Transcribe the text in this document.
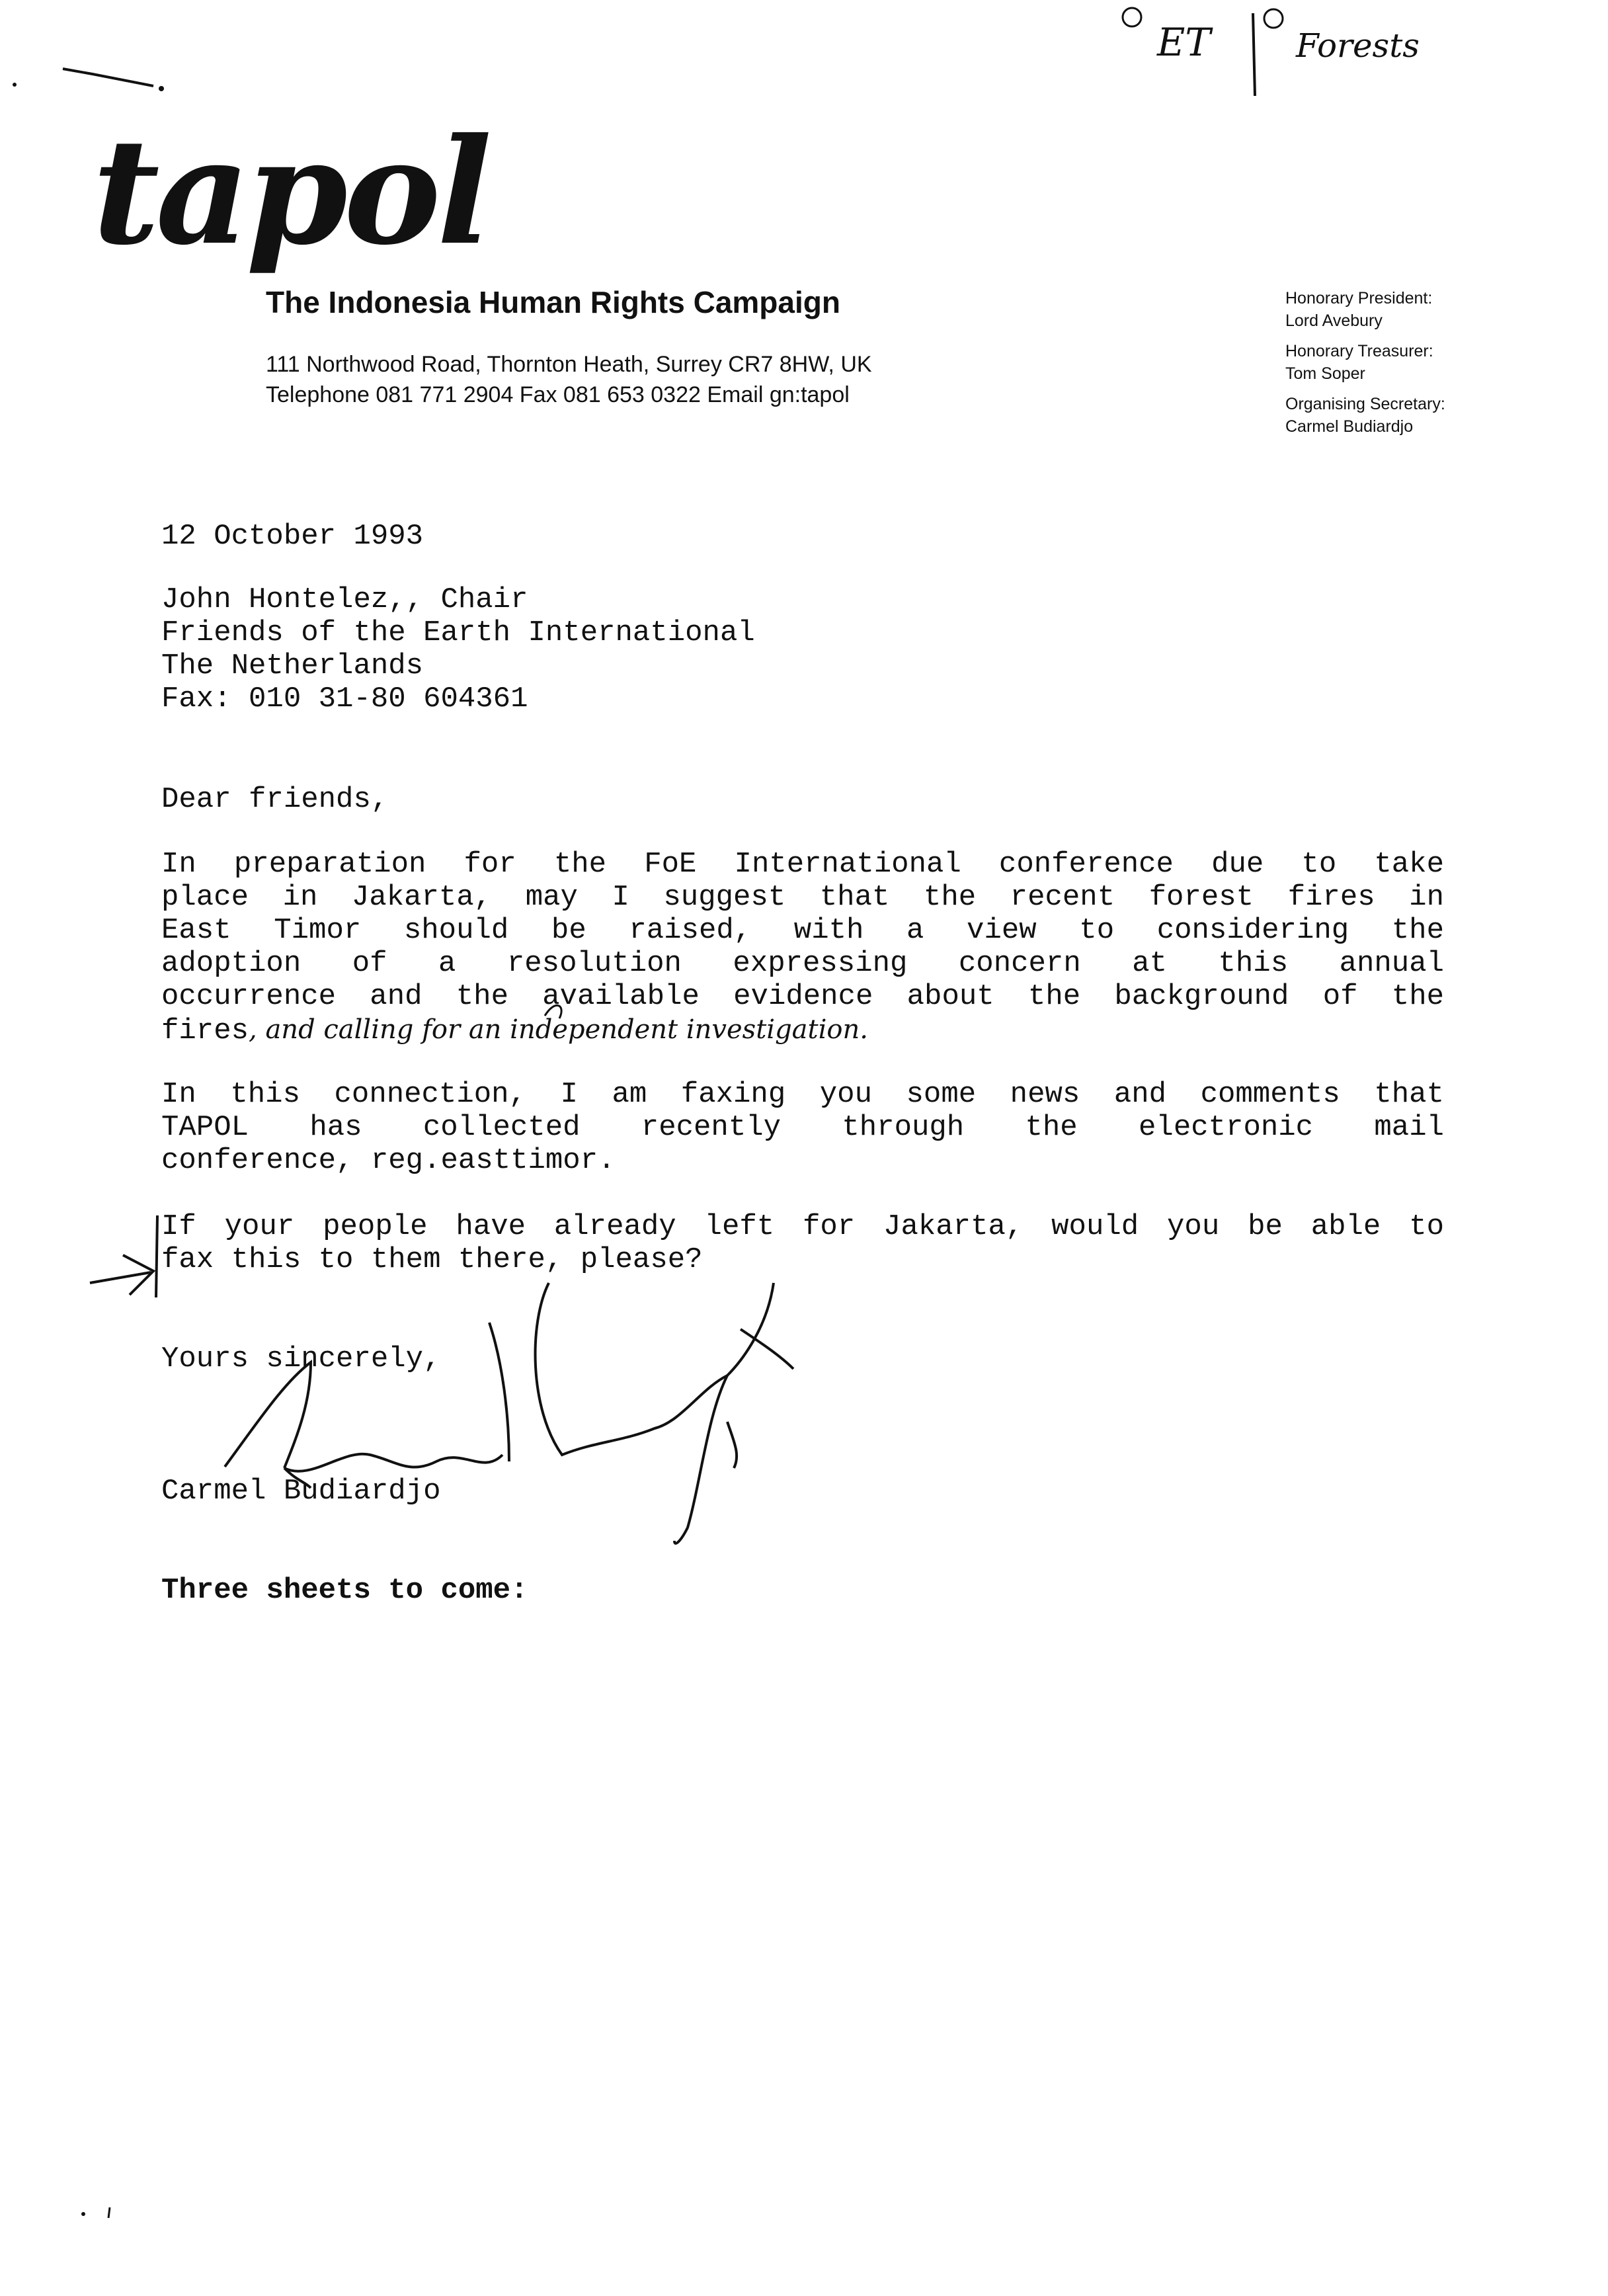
ET	Forests
tapol
The Indonesia Human Rights Campaign
111 Northwood Road, Thornton Heath, Surrey CR7 8HW, UK
Telephone 081 771 2904 Fax 081 653 0322 Email gn:tapol
Honorary President:
Lord Avebury
Honorary Treasurer:
Tom Soper
Organising Secretary:
Carmel Budiardjo
12 October 1993
John Hontelez,, Chair
Friends of the Earth International
The Netherlands
Fax: 010 31-80 604361
Dear friends,
In preparation for the FoE International conference due to take
place in Jakarta, may I suggest that the recent forest fires in
East Timor should be raised, with a view to considering the
adoption of a resolution expressing concern at this annual
occurrence and the available evidence about the background of the
fires, and calling for an independent investigation.
In this connection, I am faxing you some news and comments that
TAPOL has collected recently through the electronic mail
conference, reg.easttimor.
If your people have already left for Jakarta, would you be able to
fax this to them there, please?
Yours sincerely,
Carmel Budiardjo
Three sheets to come:
